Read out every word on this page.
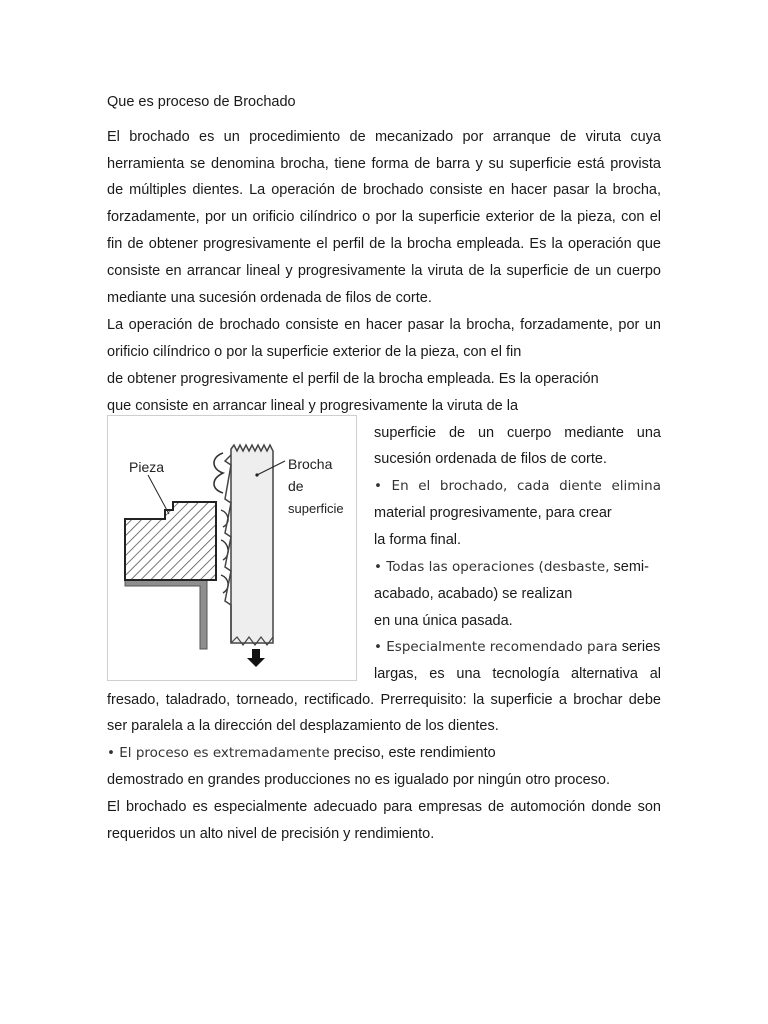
Que es proceso de Brochado
El brochado es un procedimiento de mecanizado por arranque de viruta cuya
herramienta se denomina brocha, tiene forma de barra y su superficie está provista
de múltiples dientes. La operación de brochado consiste en hacer pasar la brocha,
forzadamente, por un orificio cilíndrico o por la superficie exterior de la pieza, con el
fin de obtener progresivamente el perfil de la brocha empleada. Es la operación que
consiste en arrancar lineal y progresivamente la viruta de la superficie de un cuerpo
mediante una sucesión ordenada de filos de corte.
La operación de brochado consiste en hacer pasar la brocha, forzadamente, por un
orificio cilíndrico o por la superficie exterior de la pieza, con el fin
de obtener progresivamente el perfil de la brocha empleada. Es la operación
que consiste en arrancar lineal y progresivamente la viruta de la
Pieza	Brocha
de
superficie
superficie de un cuerpo mediante una
sucesión ordenada de filos de corte.
• En el brochado, cada diente elimina
material progresivamente, para crear
la forma final.
• Todas las operaciones (desbaste, semi-
acabado, acabado) se realizan
en una única pasada.
• Especialmente recomendado para series
largas, es una tecnología alternativa al
fresado, taladrado, torneado, rectificado. Prerrequisito: la superficie a brochar debe
ser paralela a la dirección del desplazamiento de los dientes.
• El proceso es extremadamente preciso, este rendimiento
demostrado en grandes producciones no es igualado por ningún otro proceso.
El brochado es especialmente adecuado para empresas de automoción donde son
requeridos un alto nivel de precisión y rendimiento.
